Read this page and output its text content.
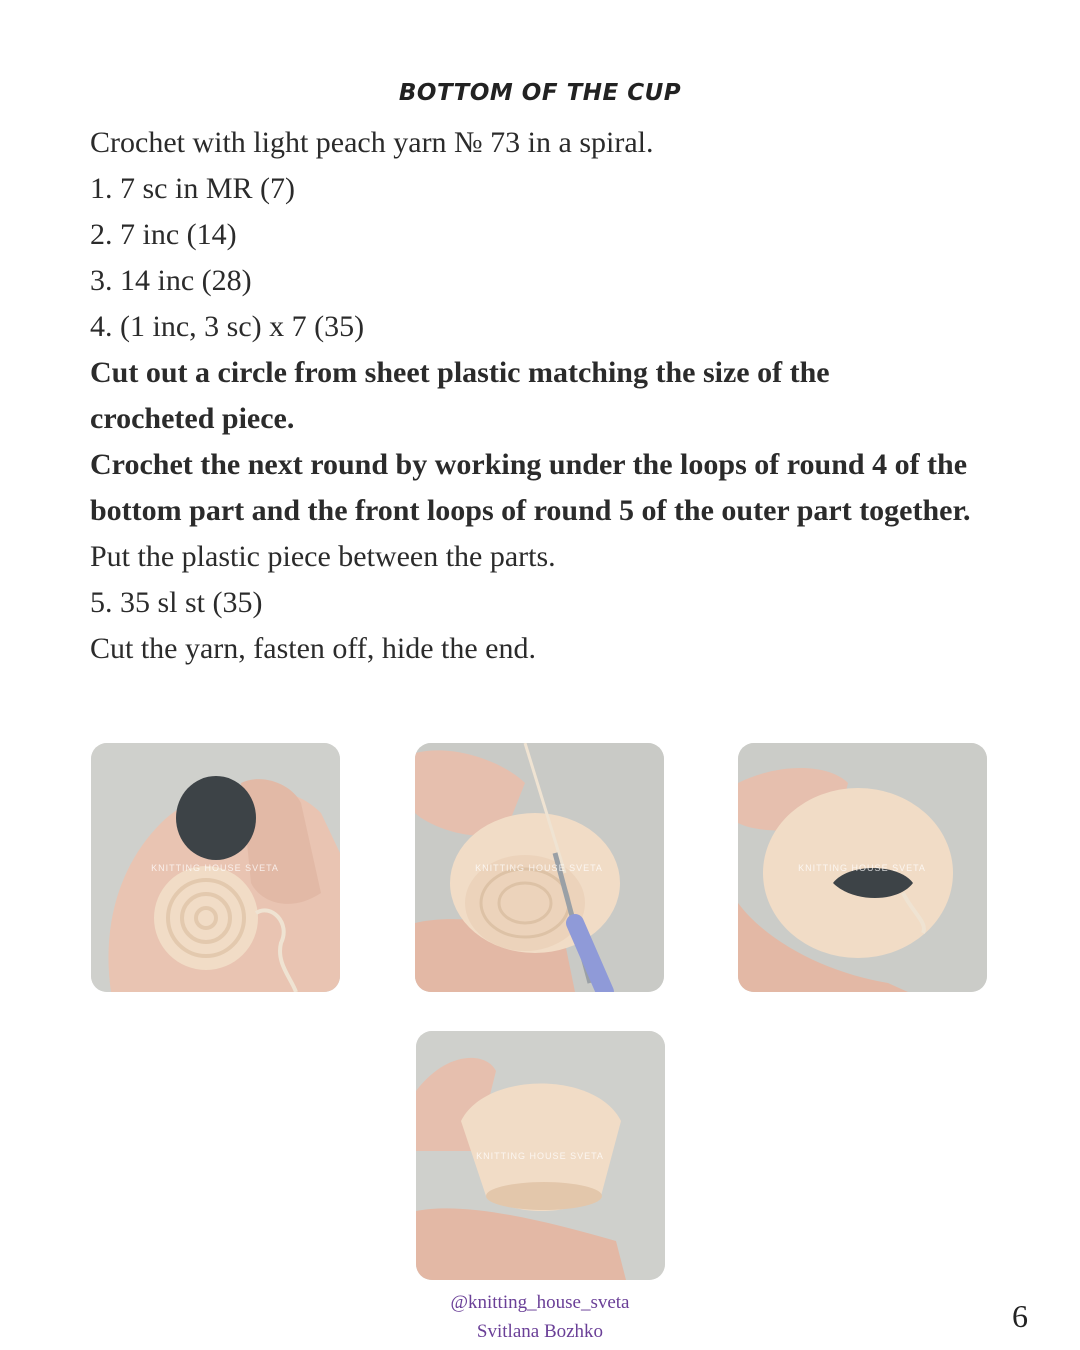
BOTTOM OF THE CUP
Crochet with light peach yarn № 73 in a spiral.
1. 7 sc in MR (7)
2. 7 inc (14)
3. 14 inc (28)
4. (1 inc, 3 sc) x 7 (35)
Cut out a circle from sheet plastic matching the size of the crocheted piece.
Crochet the next round by working under the loops of round 4 of the bottom part and the front loops of round 5 of the outer part together.
Put the plastic piece between the parts.
5. 35 sl st (35)
Cut the yarn, fasten off, hide the end.
KNITTING HOUSE SVETA	KNITTING HOUSE SVETA	KNITTING HOUSE SVETA
KNITTING HOUSE SVETA
@knitting_house_sveta
Svitlana Bozhko	6
